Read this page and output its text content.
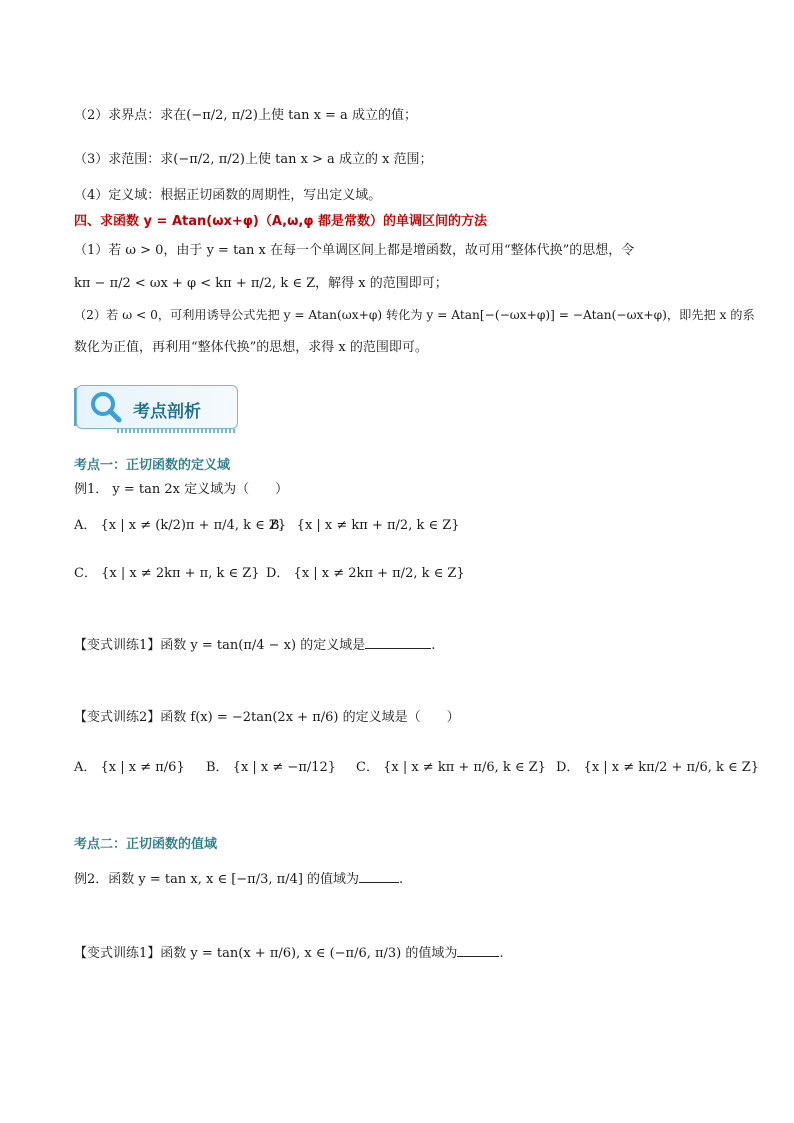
（2）求界点：求在(−π/2, π/2)上使 tan x = a 成立的值；
（3）求范围：求(−π/2, π/2)上使 tan x > a 成立的 x 范围；
（4）定义域：根据正切函数的周期性，写出定义域。
四、求函数 y = Atan(ωx+φ)（A,ω,φ 都是常数）的单调区间的方法
（1）若 ω > 0，由于 y = tan x 在每一个单调区间上都是增函数，故可用“整体代换”的思想，令
kπ − π/2 < ωx + φ < kπ + π/2, k ∈ Z，解得 x 的范围即可；
（2）若 ω < 0，可利用诱导公式先把 y = Atan(ωx+φ) 转化为 y = Atan[−(−ωx+φ)] = −Atan(−ωx+φ)，即先把 x 的系
数化为正值，再利用“整体代换”的思想，求得 x 的范围即可。
考点剖析
考点一：正切函数的定义域
例1． y = tan 2x 定义域为（　　）
A． {x | x ≠ (k/2)π + π/4, k ∈ Z}
B． {x | x ≠ kπ + π/2, k ∈ Z}
C． {x | x ≠ 2kπ + π, k ∈ Z} D． {x | x ≠ 2kπ + π/2, k ∈ Z}
【变式训练1】函数 y = tan(π/4 − x) 的定义域是	.
【变式训练2】函数 f(x) = −2tan(2x + π/6) 的定义域是（　　）
A． {x | x ≠ π/6} B． {x | x ≠ −π/12} C． {x | x ≠ kπ + π/6, k ∈ Z} D． {x | x ≠ kπ/2 + π/6, k ∈ Z}
考点二：正切函数的值域
例2．函数 y = tan x, x ∈ [−π/3, π/4] 的值域为	.
【变式训练1】函数 y = tan(x + π/6), x ∈ (−π/6, π/3) 的值域为	.
